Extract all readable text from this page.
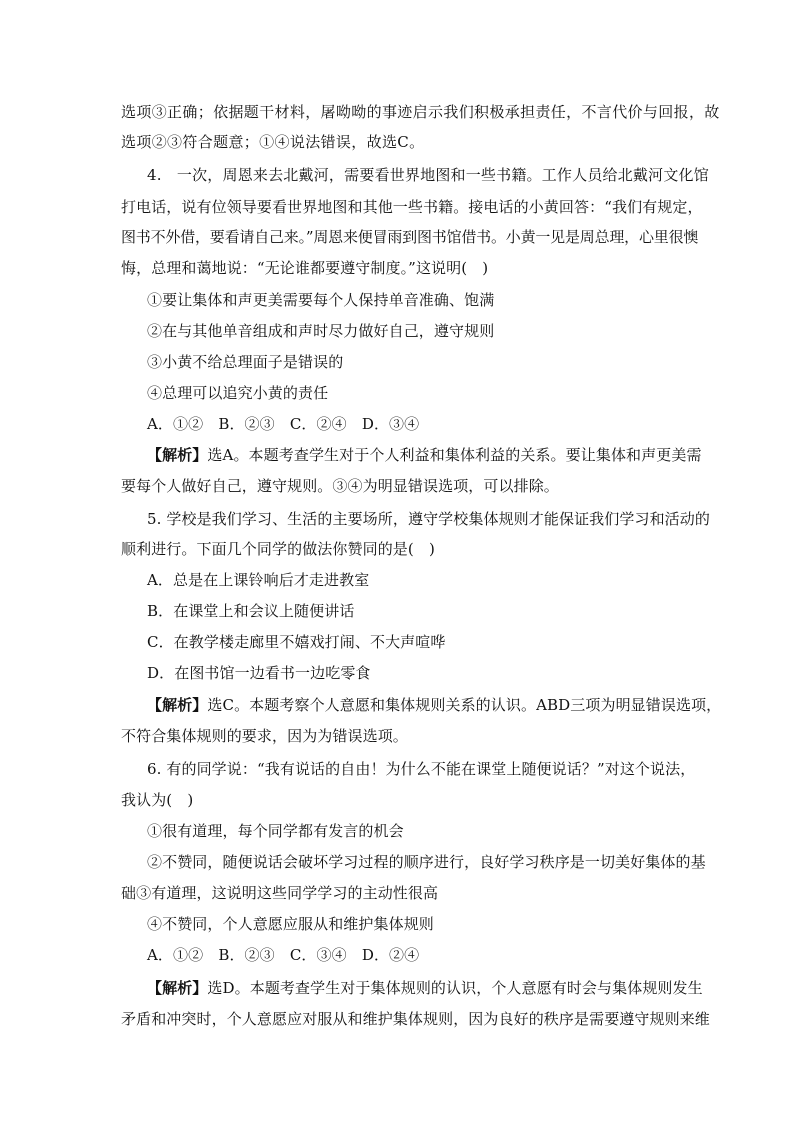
选项③正确；依据题干材料，屠呦呦的事迹启示我们积极承担责任，不言代价与回报，故
选项②③符合题意；①④说法错误，故选C。
4.　一次，周恩来去北戴河，需要看世界地图和一些书籍。工作人员给北戴河文化馆
打电话，说有位领导要看世界地图和其他一些书籍。接电话的小黄回答：“我们有规定，
图书不外借，要看请自己来。”周恩来便冒雨到图书馆借书。小黄一见是周总理，心里很懊
悔，总理和蔼地说：“无论谁都要遵守制度。”这说明(　)
①要让集体和声更美需要每个人保持单音准确、饱满
②在与其他单音组成和声时尽力做好自己，遵守规则
③小黄不给总理面子是错误的
④总理可以追究小黄的责任
A．①②　B．②③　C．②④　D．③④
【解析】选A。本题考查学生对于个人利益和集体利益的关系。要让集体和声更美需
要每个人做好自己，遵守规则。③④为明显错误选项，可以排除。
5. 学校是我们学习、生活的主要场所，遵守学校集体规则才能保证我们学习和活动的
顺利进行。下面几个同学的做法你赞同的是(　)
A．总是在上课铃响后才走进教室
B．在课堂上和会议上随便讲话
C．在教学楼走廊里不嬉戏打闹、不大声喧哗
D．在图书馆一边看书一边吃零食
【解析】选C。本题考察个人意愿和集体规则关系的认识。ABD三项为明显错误选项，
不符合集体规则的要求，因为为错误选项。
6. 有的同学说：“我有说话的自由！为什么不能在课堂上随便说话？”对这个说法，
我认为(　)
①很有道理，每个同学都有发言的机会
②不赞同，随便说话会破坏学习过程的顺序进行，良好学习秩序是一切美好集体的基
础③有道理，这说明这些同学学习的主动性很高
④不赞同，个人意愿应服从和维护集体规则
A．①②　B．②③　C．③④　D．②④
【解析】选D。本题考查学生对于集体规则的认识，个人意愿有时会与集体规则发生
矛盾和冲突时，个人意愿应对服从和维护集体规则，因为良好的秩序是需要遵守规则来维
